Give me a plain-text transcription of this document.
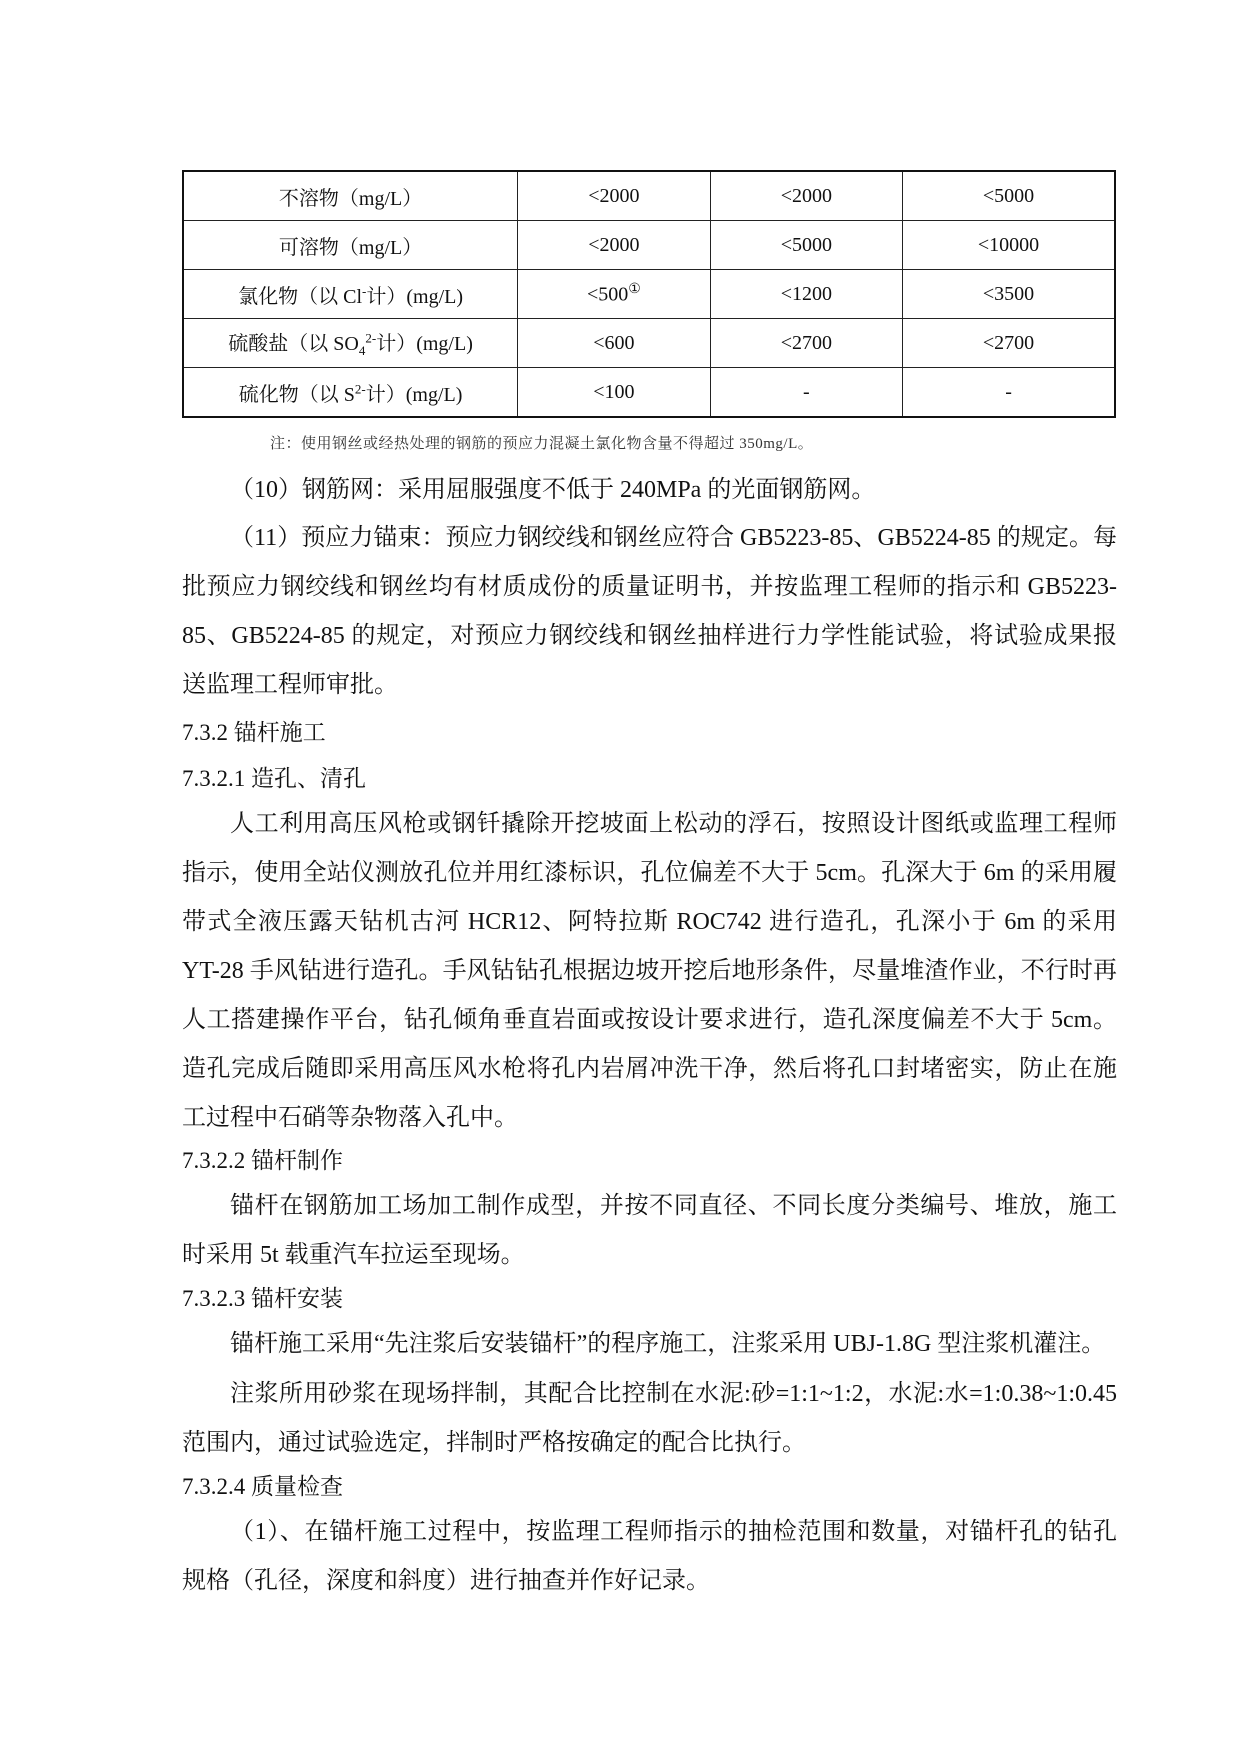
不溶物（mg/L）	<2000	<2000	<5000
可溶物（mg/L）	<2000	<5000	<10000
氯化物（以 Cl-计）(mg/L)	<500①	<1200	<3500
硫酸盐（以 $SO_4^{2-}$计）(mg/L)	<600	<2700	<2700
硫化物（以 $S^{2-}$计）(mg/L)	<100	-	-
注：使用钢丝或经热处理的钢筋的预应力混凝土氯化物含量不得超过 350mg/L。
（10）钢筋网：采用屈服强度不低于 240MPa 的光面钢筋网。
（11）预应力锚束：预应力钢绞线和钢丝应符合 GB5223-85、GB5224-85 的规定。每批预应力钢绞线和钢丝均有材质成份的质量证明书，并按监理工程师的指示和 GB5223-85、GB5224-85 的规定，对预应力钢绞线和钢丝抽样进行力学性能试验，将试验成果报送监理工程师审批。
7.3.2 锚杆施工
7.3.2.1 造孔、清孔
人工利用高压风枪或钢钎撬除开挖坡面上松动的浮石，按照设计图纸或监理工程师指示，使用全站仪测放孔位并用红漆标识，孔位偏差不大于 5cm。孔深大于 6m 的采用履带式全液压露天钻机古河 HCR12、阿特拉斯 ROC742 进行造孔，孔深小于 6m 的采用 YT-28 手风钻进行造孔。手风钻钻孔根据边坡开挖后地形条件，尽量堆渣作业，不行时再人工搭建操作平台，钻孔倾角垂直岩面或按设计要求进行，造孔深度偏差不大于 5cm。造孔完成后随即采用高压风水枪将孔内岩屑冲洗干净，然后将孔口封堵密实，防止在施工过程中石硝等杂物落入孔中。
7.3.2.2 锚杆制作
锚杆在钢筋加工场加工制作成型，并按不同直径、不同长度分类编号、堆放，施工时采用 5t 载重汽车拉运至现场。
7.3.2.3 锚杆安装
锚杆施工采用“先注浆后安装锚杆”的程序施工，注浆采用 UBJ-1.8G 型注浆机灌注。
注浆所用砂浆在现场拌制，其配合比控制在水泥:砂=1:1~1:2，水泥:水=1:0.38~1:0.45 范围内，通过试验选定，拌制时严格按确定的配合比执行。
7.3.2.4 质量检查
（1）、在锚杆施工过程中，按监理工程师指示的抽检范围和数量，对锚杆孔的钻孔规格（孔径，深度和斜度）进行抽查并作好记录。
